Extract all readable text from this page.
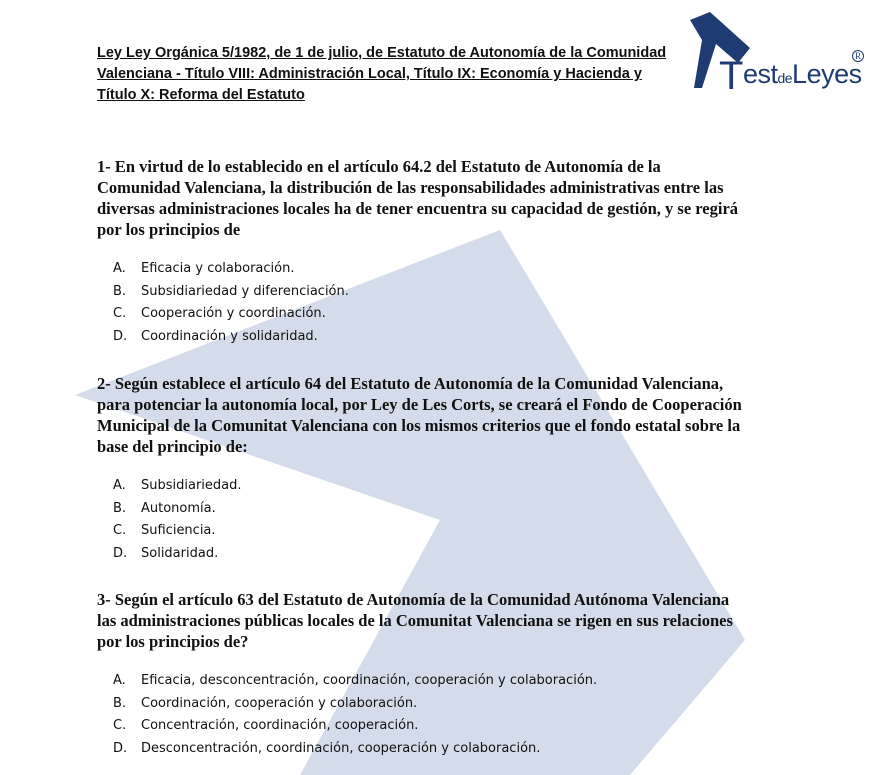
Ley Ley Orgánica 5/1982, de 1 de julio, de Estatuto de Autonomía de la Comunidad Valenciana - Título VIII: Administración Local, Título IX: Economía y Hacienda y Título X: Reforma del Estatuto	TestdeLeyes
R

1- En virtud de lo establecido en el artículo 64.2 del Estatuto de Autonomía de la Comunidad Valenciana, la distribución de las responsabilidades administrativas entre las diversas administraciones locales ha de tener encuentra su capacidad de gestión, y se regirá por los principios de

A. Eficacia y colaboración.
B. Subsidiariedad y diferenciación.
C. Cooperación y coordinación.
D. Coordinación y solidaridad.

2- Según establece el artículo 64 del Estatuto de Autonomía de la Comunidad Valenciana, para potenciar la autonomía local, por Ley de Les Corts, se creará el Fondo de Cooperación Municipal de la Comunitat Valenciana con los mismos criterios que el fondo estatal sobre la base del principio de:

A. Subsidiariedad.
B. Autonomía.
C. Suficiencia.
D. Solidaridad.

3- Según el artículo 63 del Estatuto de Autonomía de la Comunidad Autónoma Valenciana las administraciones públicas locales de la Comunitat Valenciana se rigen en sus relaciones por los principios de?

A. Eficacia, desconcentración, coordinación, cooperación y colaboración.
B. Coordinación, cooperación y colaboración.
C. Concentración, coordinación, cooperación.
D. Desconcentración, coordinación, cooperación y colaboración.
